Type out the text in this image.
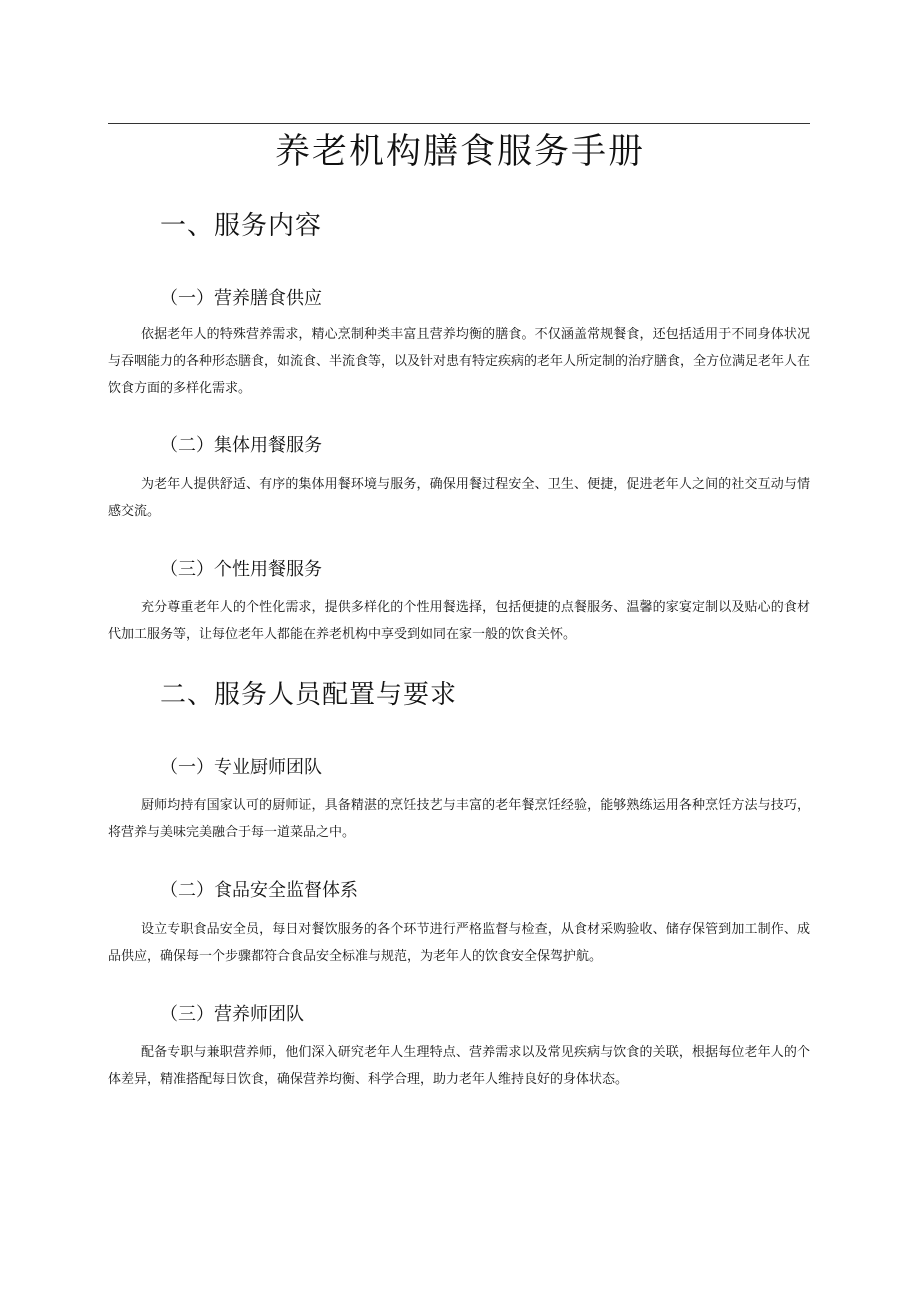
养老机构膳食服务手册
一、服务内容
（一）营养膳食供应

依据老年人的特殊营养需求，精心烹制种类丰富且营养均衡的膳食。不仅涵盖常规餐食，还包括适用于不同身体状况与吞咽能力的各种形态膳食，如流食、半流食等，以及针对患有特定疾病的老年人所定制的治疗膳食，全方位满足老年人在饮食方面的多样化需求。

（二）集体用餐服务

为老年人提供舒适、有序的集体用餐环境与服务，确保用餐过程安全、卫生、便捷，促进老年人之间的社交互动与情感交流。

（三）个性用餐服务

充分尊重老年人的个性化需求，提供多样化的个性用餐选择，包括便捷的点餐服务、温馨的家宴定制以及贴心的食材代加工服务等，让每位老年人都能在养老机构中享受到如同在家一般的饮食关怀。

二、服务人员配置与要求
（一）专业厨师团队

厨师均持有国家认可的厨师证，具备精湛的烹饪技艺与丰富的老年餐烹饪经验，能够熟练运用各种烹饪方法与技巧，将营养与美味完美融合于每一道菜品之中。

（二）食品安全监督体系

设立专职食品安全员，每日对餐饮服务的各个环节进行严格监督与检查，从食材采购验收、储存保管到加工制作、成品供应，确保每一个步骤都符合食品安全标准与规范，为老年人的饮食安全保驾护航。

（三）营养师团队

配备专职与兼职营养师，他们深入研究老年人生理特点、营养需求以及常见疾病与饮食的关联，根据每位老年人的个体差异，精准搭配每日饮食，确保营养均衡、科学合理，助力老年人维持良好的身体状态。
